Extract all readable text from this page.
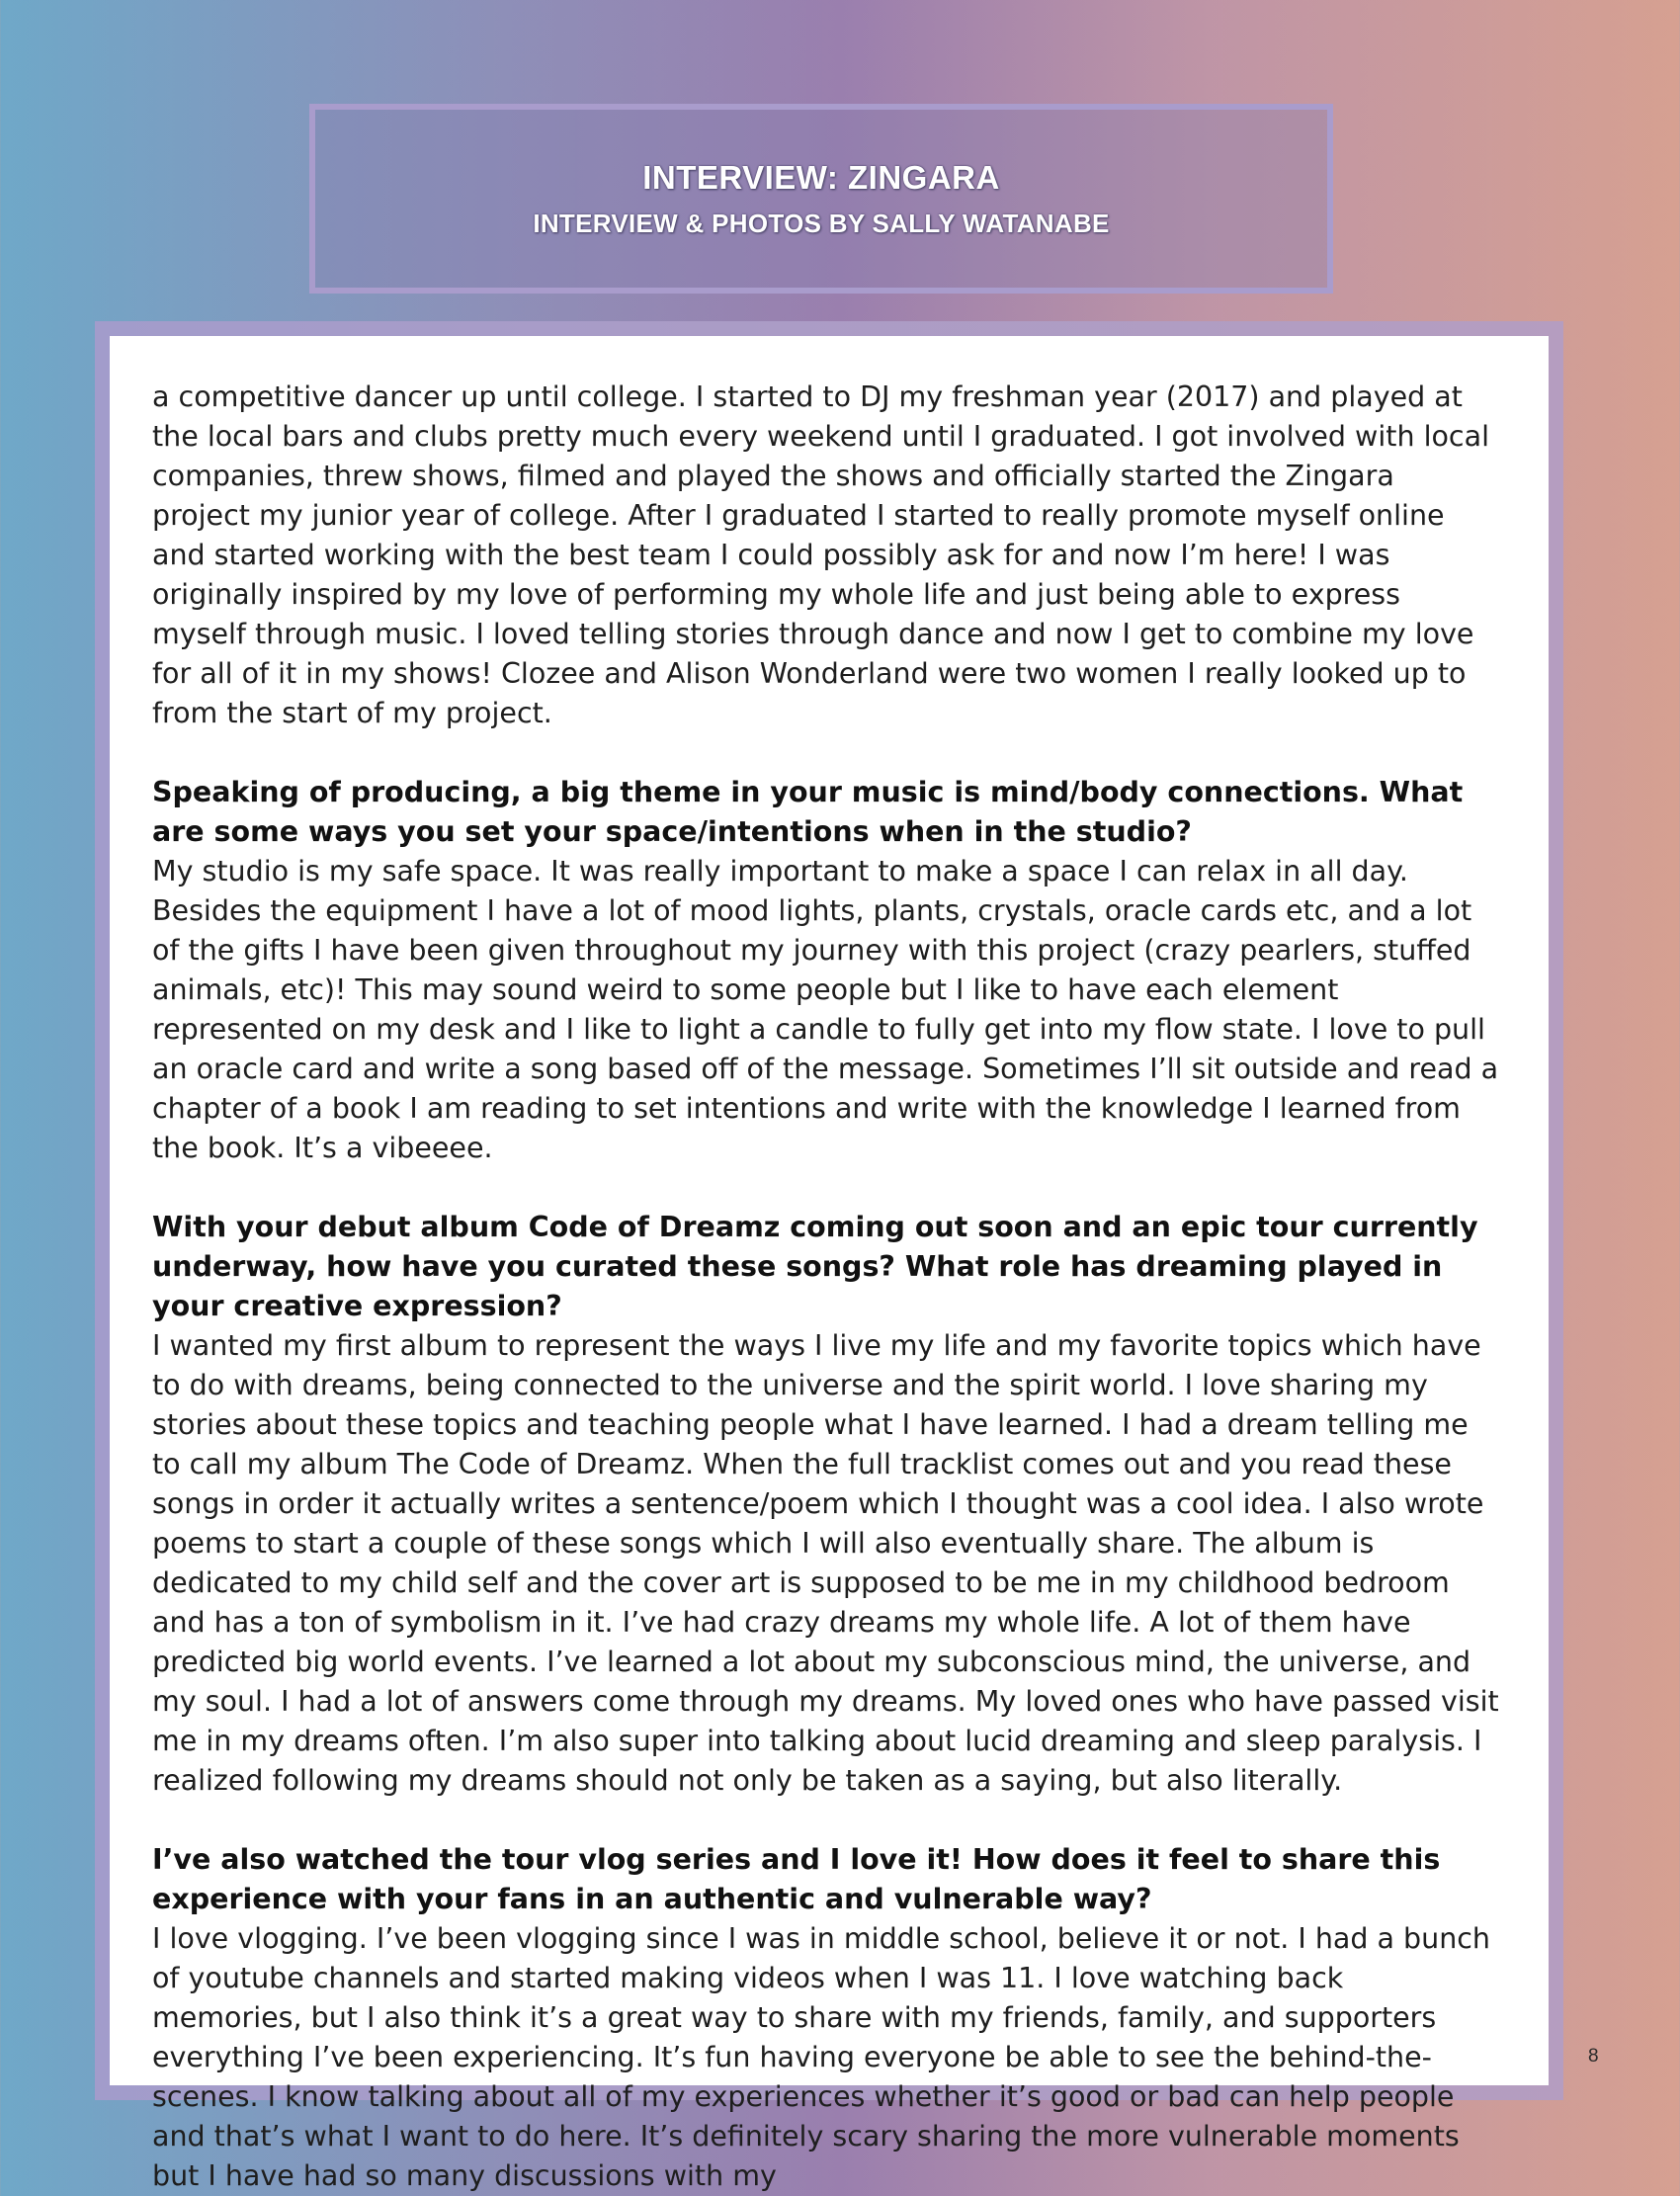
INTERVIEW: ZINGARA
INTERVIEW & PHOTOS BY SALLY WATANABE

a competitive dancer up until college. I started to DJ my freshman year (2017) and played at the local bars and clubs pretty much every weekend until I graduated. I got involved with local companies, threw shows, filmed and played the shows and officially started the Zingara project my junior year of college. After I graduated I started to really promote myself online and started working with the best team I could possibly ask for and now I’m here! I was originally inspired by my love of performing my whole life and just being able to express myself through music. I loved telling stories through dance and now I get to combine my love for all of it in my shows! Clozee and Alison Wonderland were two women I really looked up to from the start of my project.

Speaking of producing, a big theme in your music is mind/body connections. What are some ways you set your space/intentions when in the studio?

My studio is my safe space. It was really important to make a space I can relax in all day. Besides the equipment I have a lot of mood lights, plants, crystals, oracle cards etc, and a lot of the gifts I have been given throughout my journey with this project (crazy pearlers, stuffed animals, etc)! This may sound weird to some people but I like to have each element represented on my desk and I like to light a candle to fully get into my flow state. I love to pull an oracle card and write a song based off of the message. Sometimes I’ll sit outside and read a chapter of a book I am reading to set intentions and write with the knowledge I learned from the book. It’s a vibeeee.

With your debut album Code of Dreamz coming out soon and an epic tour currently underway, how have you curated these songs? What role has dreaming played in your creative expression?

I wanted my first album to represent the ways I live my life and my favorite topics which have to do with dreams, being connected to the universe and the spirit world. I love sharing my stories about these topics and teaching people what I have learned. I had a dream telling me to call my album The Code of Dreamz. When the full tracklist comes out and you read these songs in order it actually writes a sentence/poem which I thought was a cool idea. I also wrote poems to start a couple of these songs which I will also eventually share. The album is dedicated to my child self and the cover art is supposed to be me in my childhood bedroom and has a ton of symbolism in it. I’ve had crazy dreams my whole life. A lot of them have predicted big world events. I’ve learned a lot about my subconscious mind, the universe, and my soul. I had a lot of answers come through my dreams. My loved ones who have passed visit me in my dreams often. I’m also super into talking about lucid dreaming and sleep paralysis. I realized following my dreams should not only be taken as a saying, but also literally.

I’ve also watched the tour vlog series and I love it! How does it feel to share this experience with your fans in an authentic and vulnerable way?

I love vlogging. I’ve been vlogging since I was in middle school, believe it or not. I had a bunch of youtube channels and started making videos when I was 11. I love watching back memories, but I also think it’s a great way to share with my friends, family, and supporters everything I’ve been experiencing. It’s fun having everyone be able to see the behind-the-scenes. I know talking about all of my experiences whether it’s good or bad can help people and that’s what I want to do here. It’s definitely scary sharing the more vulnerable moments but I have had so many discussions with my

8
